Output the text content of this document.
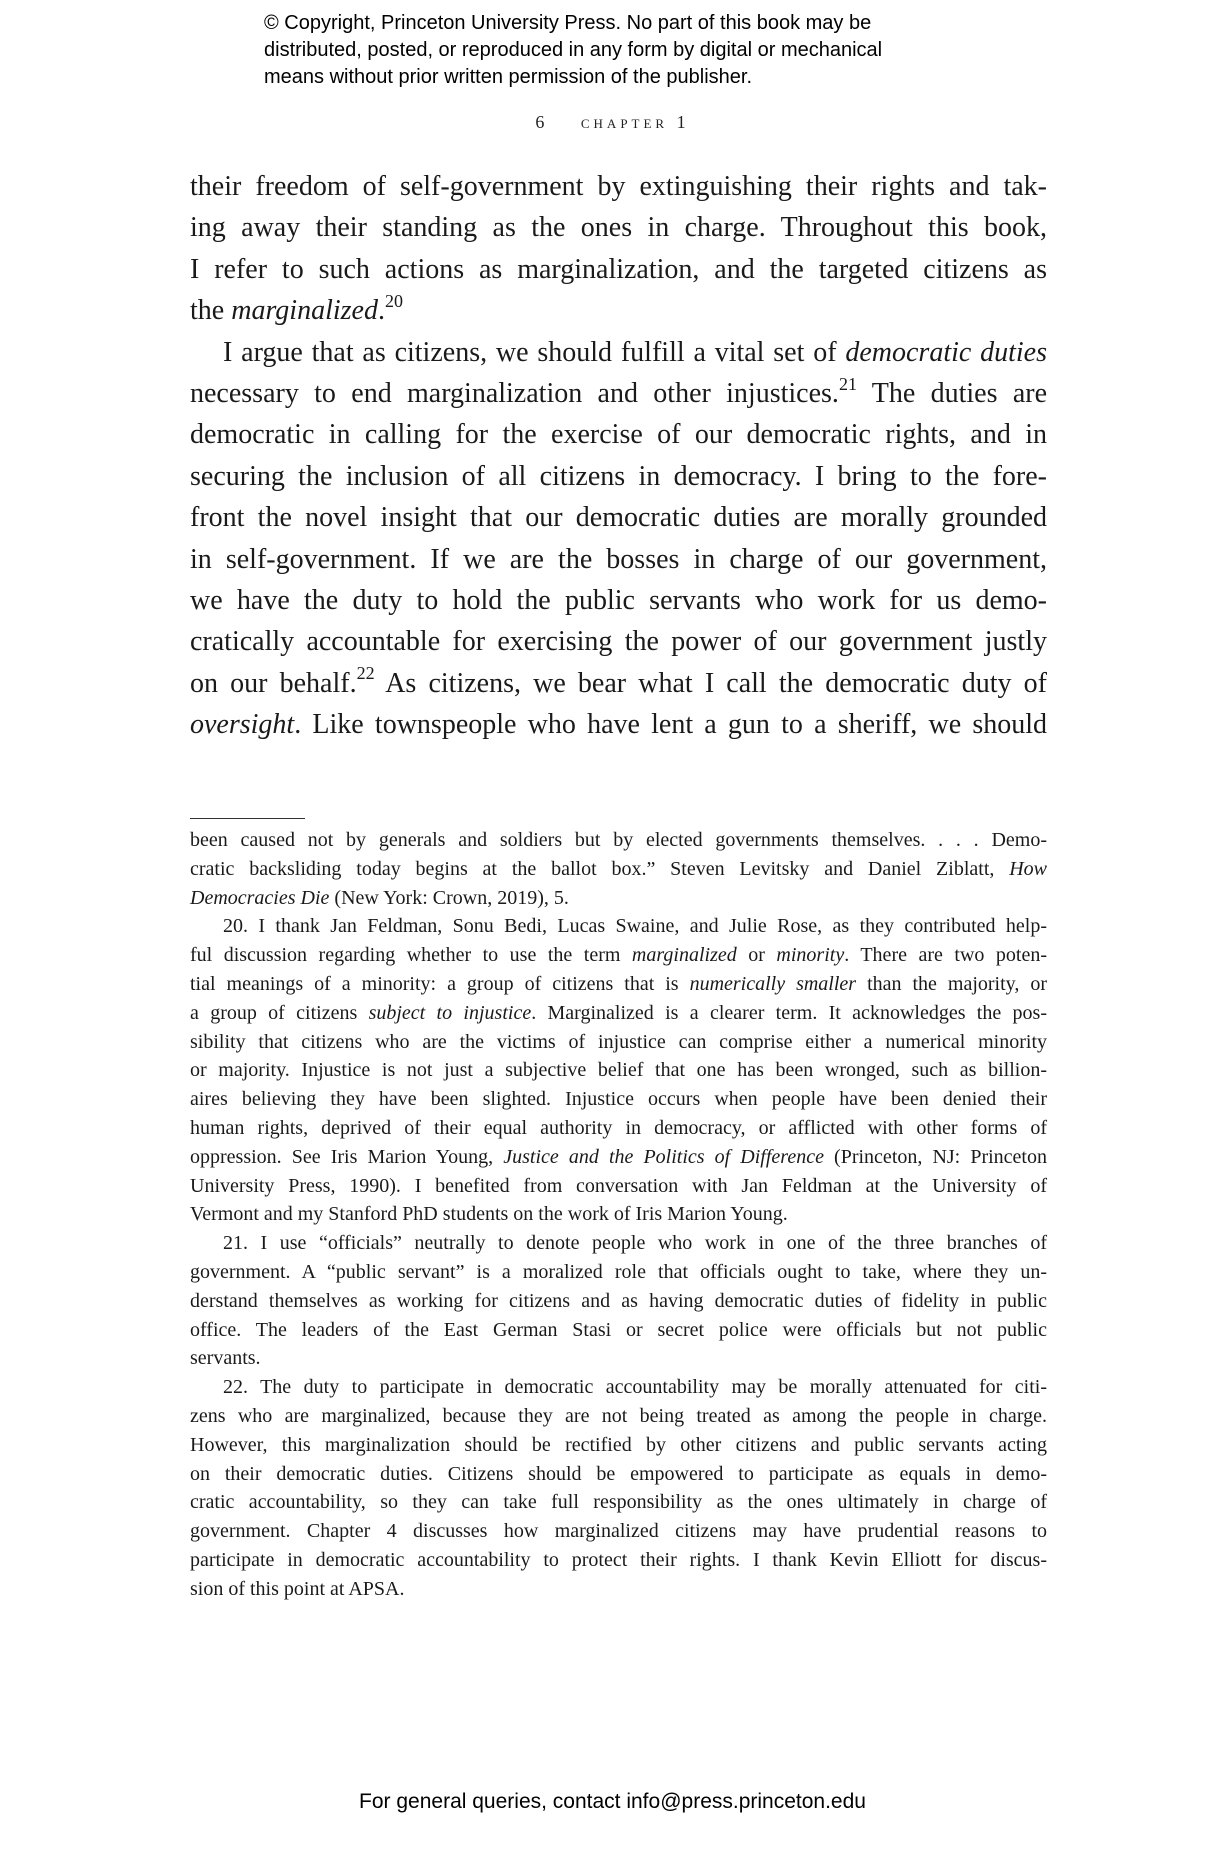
© Copyright, Princeton University Press. No part of this book may be
distributed, posted, or reproduced in any form by digital or mechanical
means without prior written permission of the publisher.
6 chapter 1
their freedom of self-government by extinguishing their rights and tak-
ing away their standing as the ones in charge. Throughout this book,
I refer to such actions as marginalization, and the targeted citizens as
the marginalized.$^{20}$
I argue that as citizens, we should fulfill a vital set of democratic duties
necessary to end marginalization and other injustices.$^{21}$ The duties are
democratic in calling for the exercise of our democratic rights, and in
securing the inclusion of all citizens in democracy. I bring to the fore-
front the novel insight that our democratic duties are morally grounded
in self-government. If we are the bosses in charge of our government,
we have the duty to hold the public servants who work for us demo-
cratically accountable for exercising the power of our government justly
on our behalf.$^{22}$ As citizens, we bear what I call the democratic duty of
oversight. Like townspeople who have lent a gun to a sheriff, we should
been caused not by generals and soldiers but by elected governments themselves. . . . Demo-
cratic backsliding today begins at the ballot box.” Steven Levitsky and Daniel Ziblatt, How
Democracies Die (New York: Crown, 2019), 5.
20. I thank Jan Feldman, Sonu Bedi, Lucas Swaine, and Julie Rose, as they contributed help-
ful discussion regarding whether to use the term marginalized or minority. There are two poten-
tial meanings of a minority: a group of citizens that is numerically smaller than the majority, or
a group of citizens subject to injustice. Marginalized is a clearer term. It acknowledges the pos-
sibility that citizens who are the victims of injustice can comprise either a numerical minority
or majority. Injustice is not just a subjective belief that one has been wronged, such as billion-
aires believing they have been slighted. Injustice occurs when people have been denied their
human rights, deprived of their equal authority in democracy, or afflicted with other forms of
oppression. See Iris Marion Young, Justice and the Politics of Difference (Princeton, NJ: Princeton
University Press, 1990). I benefited from conversation with Jan Feldman at the University of
Vermont and my Stanford PhD students on the work of Iris Marion Young.
21. I use “officials” neutrally to denote people who work in one of the three branches of
government. A “public servant” is a moralized role that officials ought to take, where they un-
derstand themselves as working for citizens and as having democratic duties of fidelity in public
office. The leaders of the East German Stasi or secret police were officials but not public
servants.
22. The duty to participate in democratic accountability may be morally attenuated for citi-
zens who are marginalized, because they are not being treated as among the people in charge.
However, this marginalization should be rectified by other citizens and public servants acting
on their democratic duties. Citizens should be empowered to participate as equals in demo-
cratic accountability, so they can take full responsibility as the ones ultimately in charge of
government. Chapter 4 discusses how marginalized citizens may have prudential reasons to
participate in democratic accountability to protect their rights. I thank Kevin Elliott for discus-
sion of this point at APSA.
For general queries, contact info@press.princeton.edu
